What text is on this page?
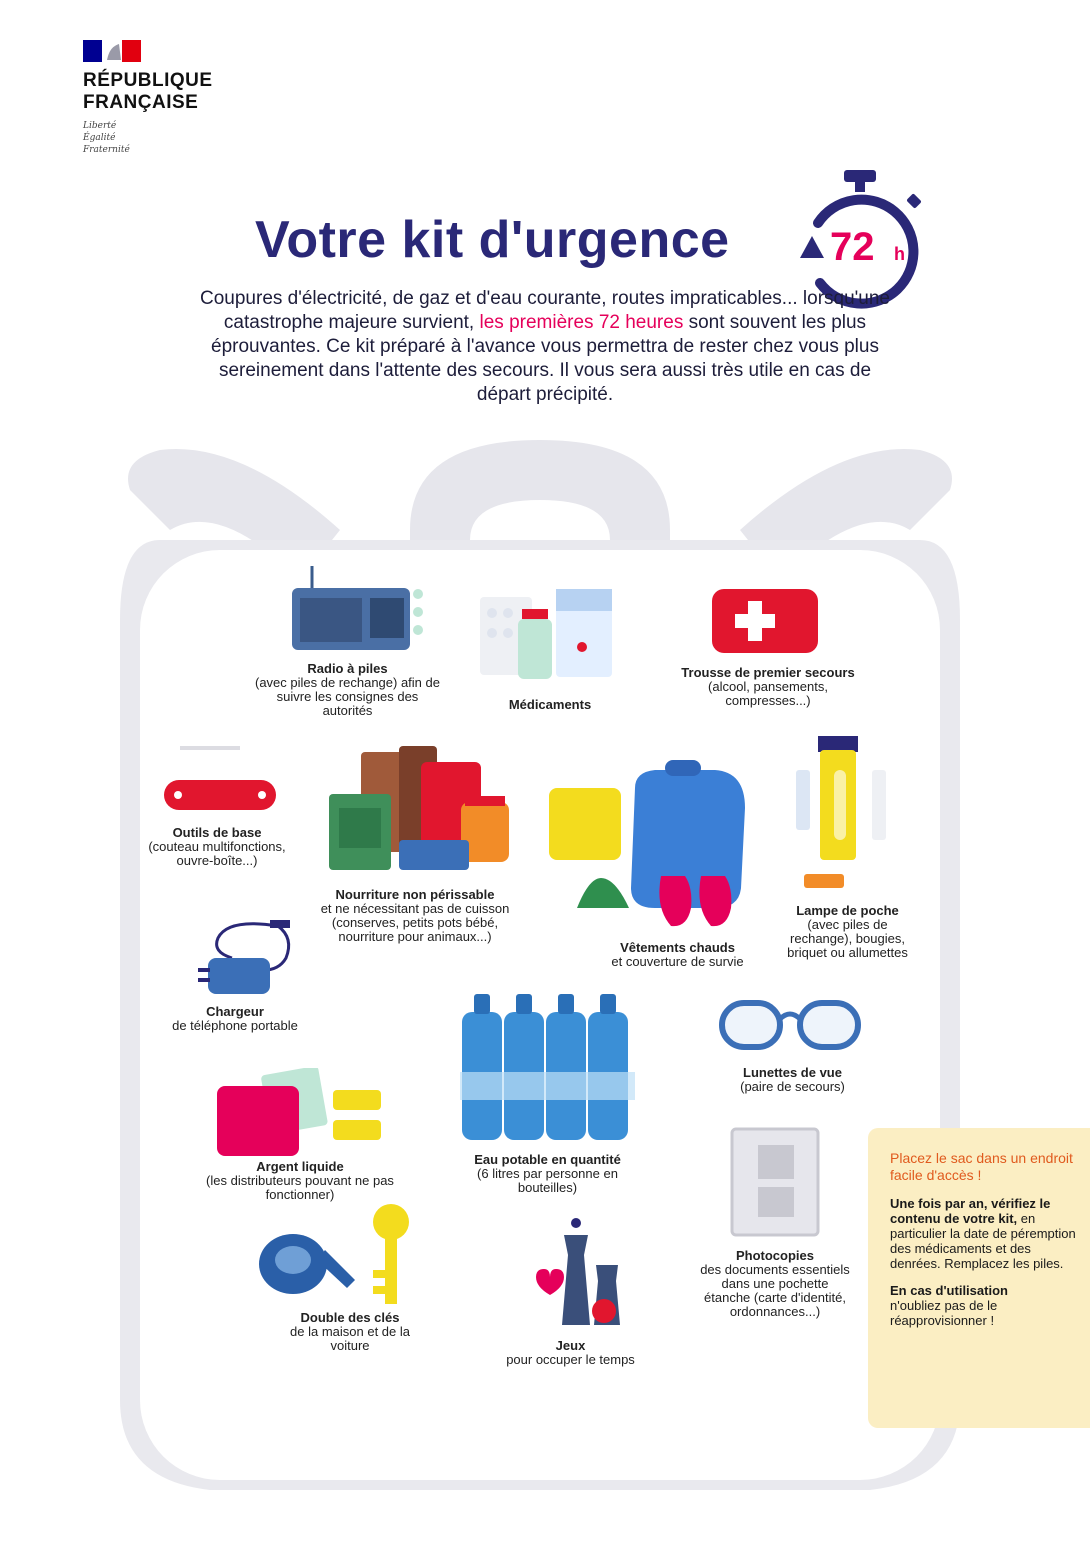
RÉPUBLIQUE
FRANÇAISE
Liberté
Égalité
Fraternité
Votre kit d'urgence	72 h
Coupures d'électricité, de gaz et d'eau courante, routes impraticables... lorsqu'une catastrophe majeure survient, les premières 72 heures sont souvent les plus éprouvantes. Ce kit préparé à l'avance vous permettra de rester chez vous plus sereinement dans l'attente des secours. Il vous sera aussi très utile en cas de départ précipité.
Radio à piles
(avec piles de rechange) afin de suivre les consignes des autorités	Médicaments
Trousse de premier secours
(alcool, pansements, compresses...)
Outils de base
(couteau multifonctions, ouvre-boîte...)
Nourriture non périssable
et ne nécessitant pas de cuisson (conserves, petits pots bébé, nourriture pour animaux...)
Vêtements chauds
et couverture de survie
Lampe de poche
(avec piles de rechange), bougies, briquet ou allumettes
Chargeur
de téléphone portable
Lunettes de vue
(paire de secours)
Eau potable en quantité
(6 litres par personne en bouteilles)
Argent liquide
(les distributeurs pouvant ne pas fonctionner)
Photocopies
des documents essentiels dans une pochette étanche (carte d'identité, ordonnances...)
Double des clés
de la maison et de la voiture	Jeux
pour occuper le temps
Placez le sac dans un endroit facile d'accès !

Une fois par an, vérifiez le contenu de votre kit, en particulier la date de péremption des médicaments et des denrées. Remplacez les piles.

En cas d'utilisation
n'oubliez pas de le réapprovisionner !
